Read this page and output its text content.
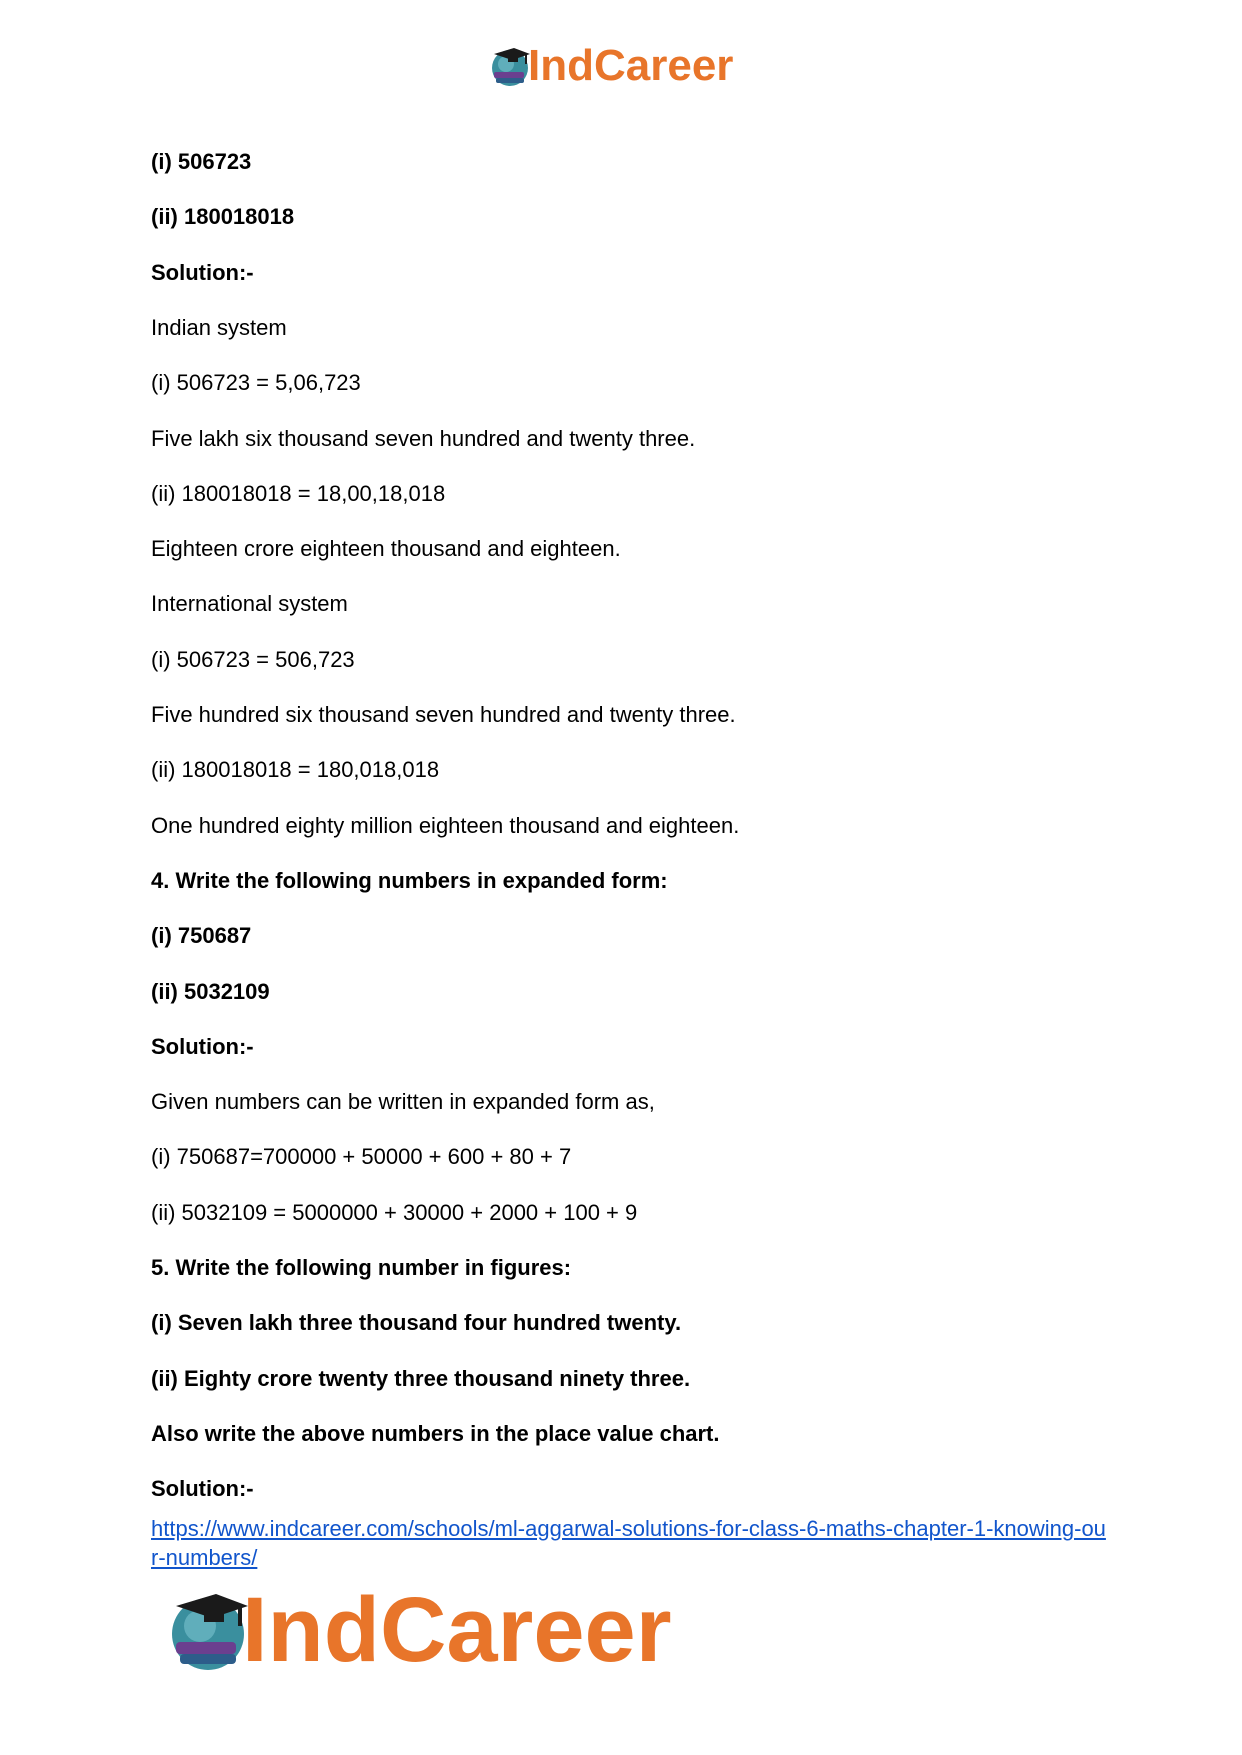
IndCareer
(i) 506723
(ii) 180018018
Solution:-
Indian system
(i) 506723 = 5,06,723
Five lakh six thousand seven hundred and twenty three.
(ii) 180018018 = 18,00,18,018
Eighteen crore eighteen thousand and eighteen.
International system
(i) 506723 = 506,723
Five hundred six thousand seven hundred and twenty three.
(ii) 180018018 = 180,018,018
One hundred eighty million eighteen thousand and eighteen.
4. Write the following numbers in expanded form:
(i) 750687
(ii) 5032109
Solution:-
Given numbers can be written in expanded form as,
(i) 750687=700000 + 50000 + 600 + 80 + 7
(ii) 5032109 = 5000000 + 30000 + 2000 + 100 + 9
5. Write the following number in figures:
(i) Seven lakh three thousand four hundred twenty.
(ii) Eighty crore twenty three thousand ninety three.
Also write the above numbers in the place value chart.
Solution:-
https://www.indcareer.com/schools/ml-aggarwal-solutions-for-class-6-maths-chapter-1-knowing-our-numbers/
IndCareer
